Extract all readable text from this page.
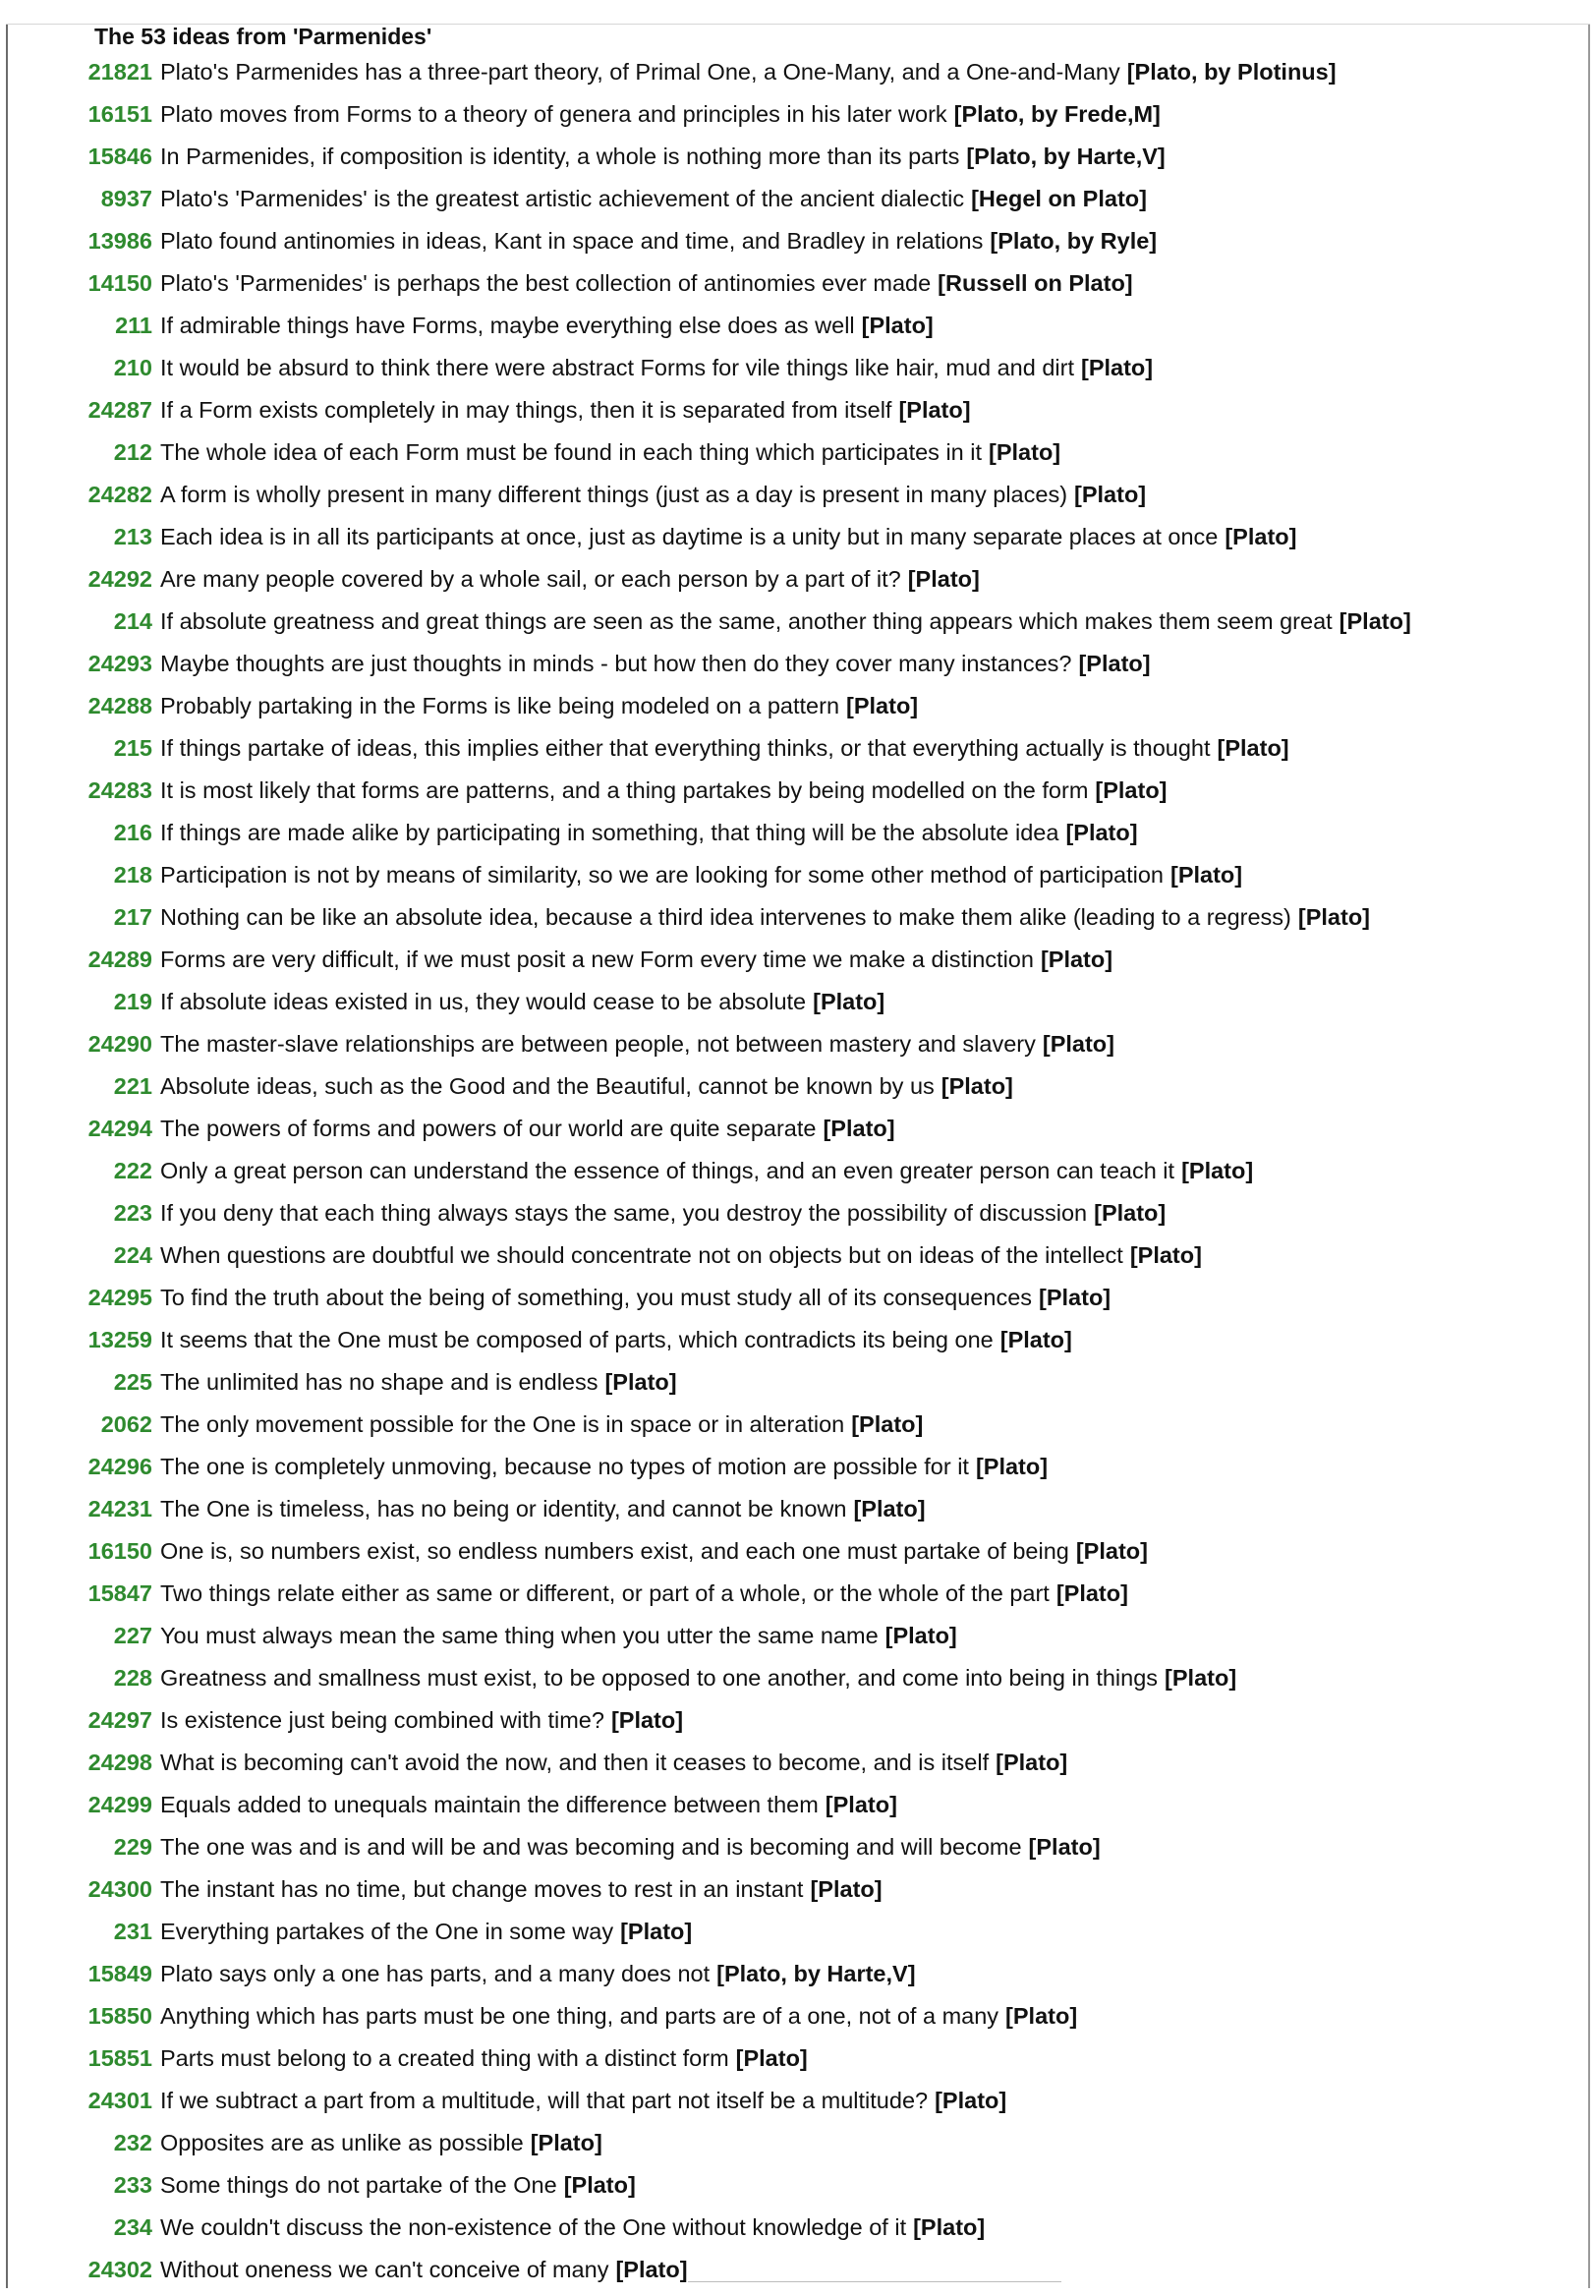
The 53 ideas from 'Parmenides'
21821 Plato's Parmenides has a three-part theory, of Primal One, a One-Many, and a One-and-Many [Plato, by Plotinus]
16151 Plato moves from Forms to a theory of genera and principles in his later work [Plato, by Frede,M]
15846 In Parmenides, if composition is identity, a whole is nothing more than its parts [Plato, by Harte,V]
8937 Plato's 'Parmenides' is the greatest artistic achievement of the ancient dialectic [Hegel on Plato]
13986 Plato found antinomies in ideas, Kant in space and time, and Bradley in relations [Plato, by Ryle]
14150 Plato's 'Parmenides' is perhaps the best collection of antinomies ever made [Russell on Plato]
211 If admirable things have Forms, maybe everything else does as well [Plato]
210 It would be absurd to think there were abstract Forms for vile things like hair, mud and dirt [Plato]
24287 If a Form exists completely in may things, then it is separated from itself [Plato]
212 The whole idea of each Form must be found in each thing which participates in it [Plato]
24282 A form is wholly present in many different things (just as a day is present in many places) [Plato]
213 Each idea is in all its participants at once, just as daytime is a unity but in many separate places at once [Plato]
24292 Are many people covered by a whole sail, or each person by a part of it? [Plato]
214 If absolute greatness and great things are seen as the same, another thing appears which makes them seem great [Plato]
24293 Maybe thoughts are just thoughts in minds - but how then do they cover many instances? [Plato]
24288 Probably partaking in the Forms is like being modeled on a pattern [Plato]
215 If things partake of ideas, this implies either that everything thinks, or that everything actually is thought [Plato]
24283 It is most likely that forms are patterns, and a thing partakes by being modelled on the form [Plato]
216 If things are made alike by participating in something, that thing will be the absolute idea [Plato]
218 Participation is not by means of similarity, so we are looking for some other method of participation [Plato]
217 Nothing can be like an absolute idea, because a third idea intervenes to make them alike (leading to a regress) [Plato]
24289 Forms are very difficult, if we must posit a new Form every time we make a distinction [Plato]
219 If absolute ideas existed in us, they would cease to be absolute [Plato]
24290 The master-slave relationships are between people, not between mastery and slavery [Plato]
221 Absolute ideas, such as the Good and the Beautiful, cannot be known by us [Plato]
24294 The powers of forms and powers of our world are quite separate [Plato]
222 Only a great person can understand the essence of things, and an even greater person can teach it [Plato]
223 If you deny that each thing always stays the same, you destroy the possibility of discussion [Plato]
224 When questions are doubtful we should concentrate not on objects but on ideas of the intellect [Plato]
24295 To find the truth about the being of something, you must study all of its consequences [Plato]
13259 It seems that the One must be composed of parts, which contradicts its being one [Plato]
225 The unlimited has no shape and is endless [Plato]
2062 The only movement possible for the One is in space or in alteration [Plato]
24296 The one is completely unmoving, because no types of motion are possible for it [Plato]
24231 The One is timeless, has no being or identity, and cannot be known [Plato]
16150 One is, so numbers exist, so endless numbers exist, and each one must partake of being [Plato]
15847 Two things relate either as same or different, or part of a whole, or the whole of the part [Plato]
227 You must always mean the same thing when you utter the same name [Plato]
228 Greatness and smallness must exist, to be opposed to one another, and come into being in things [Plato]
24297 Is existence just being combined with time? [Plato]
24298 What is becoming can't avoid the now, and then it ceases to become, and is itself [Plato]
24299 Equals added to unequals maintain the difference between them [Plato]
229 The one was and is and will be and was becoming and is becoming and will become [Plato]
24300 The instant has no time, but change moves to rest in an instant [Plato]
231 Everything partakes of the One in some way [Plato]
15849 Plato says only a one has parts, and a many does not [Plato, by Harte,V]
15850 Anything which has parts must be one thing, and parts are of a one, not of a many [Plato]
15851 Parts must belong to a created thing with a distinct form [Plato]
24301 If we subtract a part from a multitude, will that part not itself be a multitude? [Plato]
232 Opposites are as unlike as possible [Plato]
233 Some things do not partake of the One [Plato]
234 We couldn't discuss the non-existence of the One without knowledge of it [Plato]
24302 Without oneness we can't conceive of many [Plato]
